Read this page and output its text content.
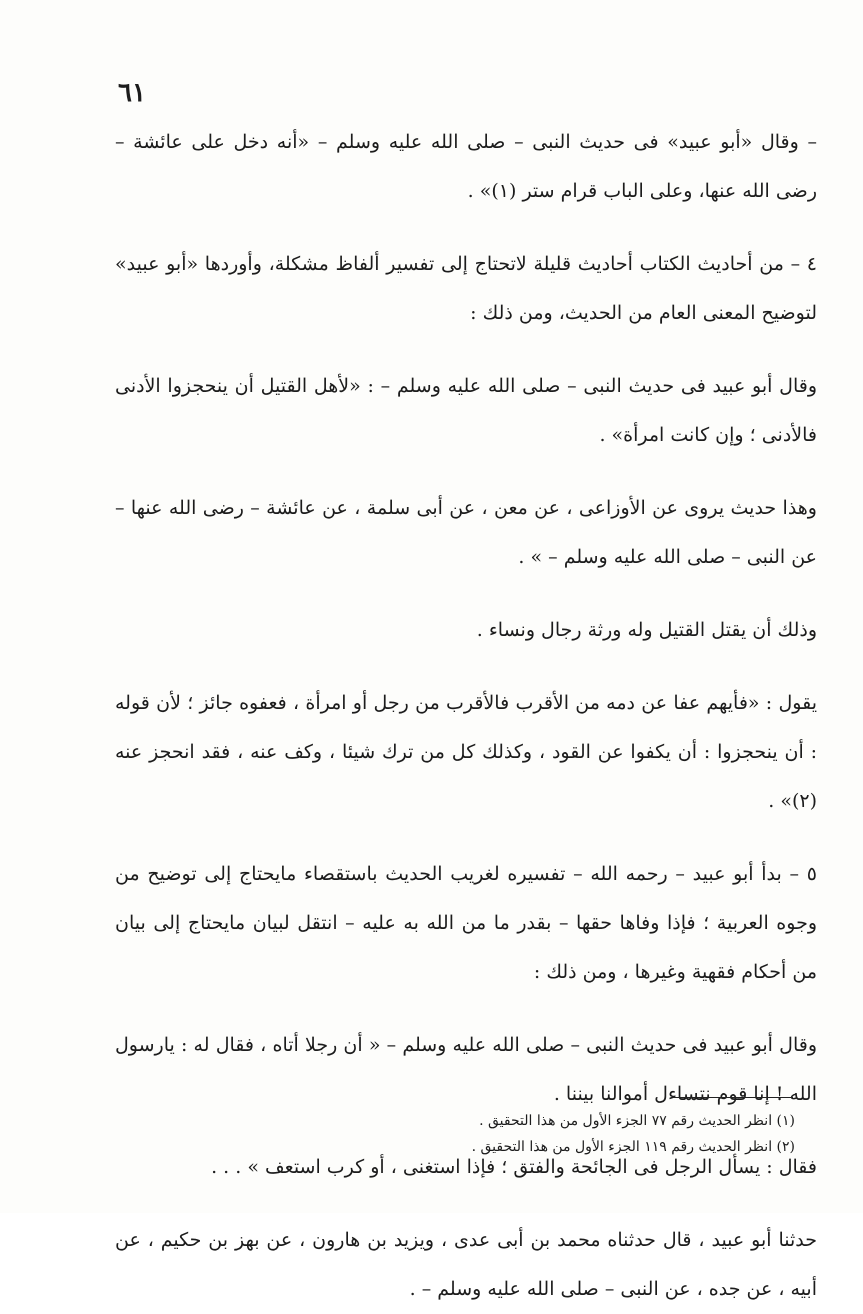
٦١

– وقال «أبو عبيد» فى حديث النبى – صلى الله عليه وسلم – «أنه دخل على عائشة – رضى الله عنها، وعلى الباب قرام ستر (١)» .

٤ – من أحاديث الكتاب أحاديث قليلة لاتحتاج إلى تفسير ألفاظ مشكلة، وأوردها «أبو عبيد» لتوضيح المعنى العام من الحديث، ومن ذلك :

وقال أبو عبيد فى حديث النبى – صلى الله عليه وسلم – : «لأهل القتيل أن ينحجزوا الأدنى فالأدنى ؛ وإن كانت امرأة» .

وهذا حديث يروى عن الأوزاعى ، عن معن ، عن أبى سلمة ، عن عائشة – رضى الله عنها – عن النبى – صلى الله عليه وسلم – » .

وذلك أن يقتل القتيل وله ورثة رجال ونساء .

يقول : «فأيهم عفا عن دمه من الأقرب فالأقرب من رجل أو امرأة ، فعفوه جائز ؛ لأن قوله : أن ينحجزوا : أن يكفوا عن القود ، وكذلك كل من ترك شيئا ، وكف عنه ، فقد انحجز عنه (٢)» .

٥ – بدأ أبو عبيد – رحمه الله – تفسيره لغريب الحديث باستقصاء مايحتاج إلى توضيح من وجوه العربية ؛ فإذا وفاها حقها – بقدر ما من الله به عليه – انتقل لبيان مايحتاج إلى بيان من أحكام فقهية وغيرها ، ومن ذلك :

وقال أبو عبيد فى حديث النبى – صلى الله عليه وسلم – « أن رجلا أتاه ، فقال له : يارسول الله ! إنا قوم نتساءل أموالنا بيننا .

فقال : يسأل الرجل فى الجائحة والفتق ؛ فإذا استغنى ، أو كرب استعف » . . .

حدثنا أبو عبيد ، قال حدثناه محمد بن أبى عدى ، ويزيد بن هارون ، عن بهز بن حكيم ، عن أبيه ، عن جده ، عن النبى – صلى الله عليه وسلم – .

(١) انظر الحديث رقم ٧٧ الجزء الأول من هذا التحقيق .

(٢) انظر الحديث رقم ١١٩ الجزء الأول من هذا التحقيق .
